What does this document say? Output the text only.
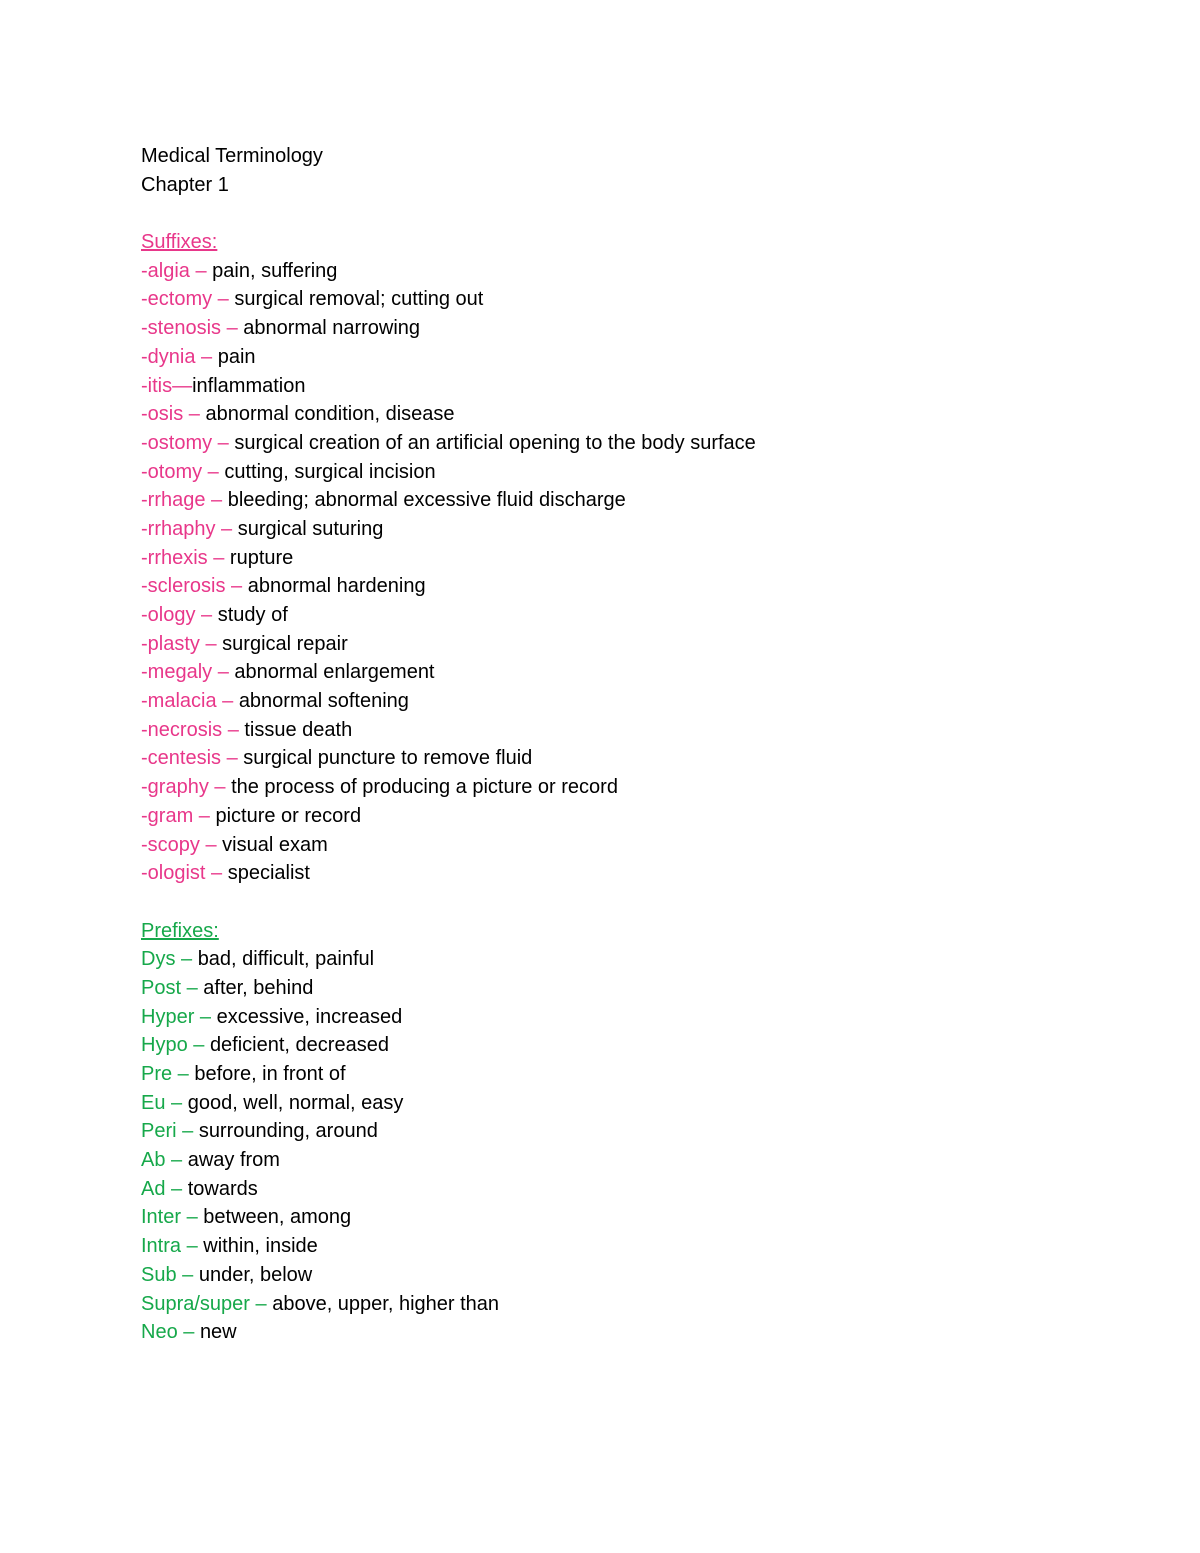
Medical Terminology
Chapter 1
Suffixes:
-algia – pain, suffering
-ectomy – surgical removal; cutting out
-stenosis – abnormal narrowing
-dynia – pain
-itis—inflammation
-osis – abnormal condition, disease
-ostomy – surgical creation of an artificial opening to the body surface
-otomy – cutting, surgical incision
-rrhage – bleeding; abnormal excessive fluid discharge
-rrhaphy – surgical suturing
-rrhexis – rupture
-sclerosis – abnormal hardening
-ology – study of
-plasty – surgical repair
-megaly – abnormal enlargement
-malacia – abnormal softening
-necrosis – tissue death
-centesis – surgical puncture to remove fluid
-graphy – the process of producing a picture or record
-gram – picture or record
-scopy – visual exam
-ologist – specialist
Prefixes:
Dys – bad, difficult, painful
Post – after, behind
Hyper – excessive, increased
Hypo – deficient, decreased
Pre – before, in front of
Eu – good, well, normal, easy
Peri – surrounding, around
Ab – away from
Ad – towards
Inter – between, among
Intra – within, inside
Sub – under, below
Supra/super – above, upper, higher than
Neo – new
